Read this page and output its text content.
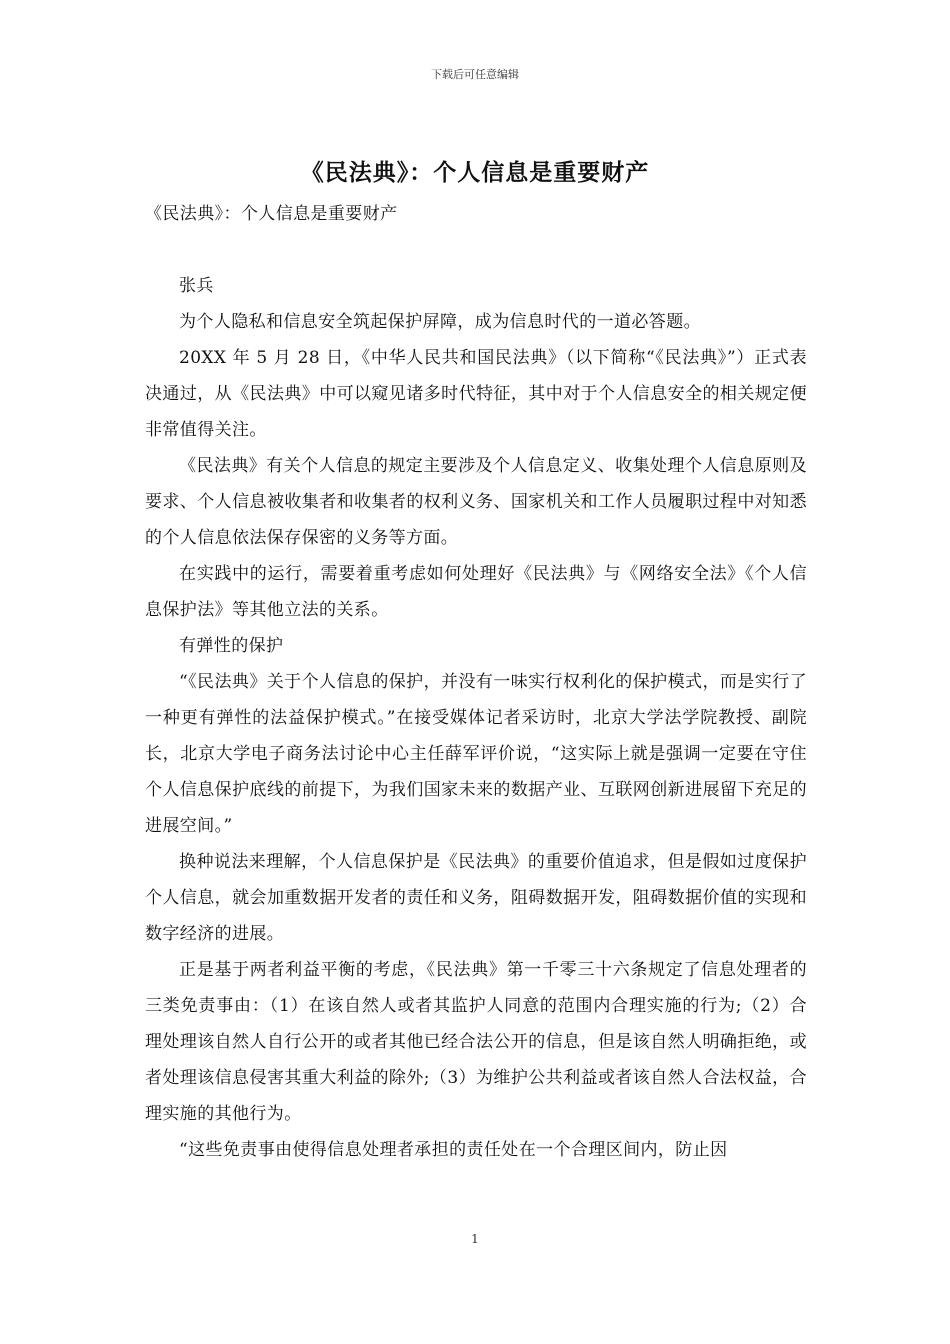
下载后可任意编辑
《民法典》：个人信息是重要财产

《民法典》：个人信息是重要财产

张兵

为个人隐私和信息安全筑起保护屏障，成为信息时代的一道必答题。

20XX 年 5 月 28 日，《中华人民共和国民法典》（以下简称“《民法典》”）正式表决通过，从《民法典》中可以窥见诸多时代特征，其中对于个人信息安全的相关规定便非常值得关注。

《民法典》有关个人信息的规定主要涉及个人信息定义、收集处理个人信息原则及要求、个人信息被收集者和收集者的权利义务、国家机关和工作人员履职过程中对知悉的个人信息依法保存保密的义务等方面。

在实践中的运行，需要着重考虑如何处理好《民法典》与《网络安全法》《个人信息保护法》等其他立法的关系。

有弹性的保护

“《民法典》关于个人信息的保护，并没有一味实行权利化的保护模式，而是实行了一种更有弹性的法益保护模式。”在接受媒体记者采访时，北京大学法学院教授、副院长，北京大学电子商务法讨论中心主任薛军评价说，“这实际上就是强调一定要在守住个人信息保护底线的前提下，为我们国家未来的数据产业、互联网创新进展留下充足的进展空间。”

换种说法来理解，个人信息保护是《民法典》的重要价值追求，但是假如过度保护个人信息，就会加重数据开发者的责任和义务，阻碍数据开发，阻碍数据价值的实现和数字经济的进展。

正是基于两者利益平衡的考虑，《民法典》第一千零三十六条规定了信息处理者的三类免责事由：（1）在该自然人或者其监护人同意的范围内合理实施的行为;（2）合理处理该自然人自行公开的或者其他已经合法公开的信息，但是该自然人明确拒绝，或者处理该信息侵害其重大利益的除外;（3）为维护公共利益或者该自然人合法权益，合理实施的其他行为。

“这些免责事由使得信息处理者承担的责任处在一个合理区间内，防止因

1
